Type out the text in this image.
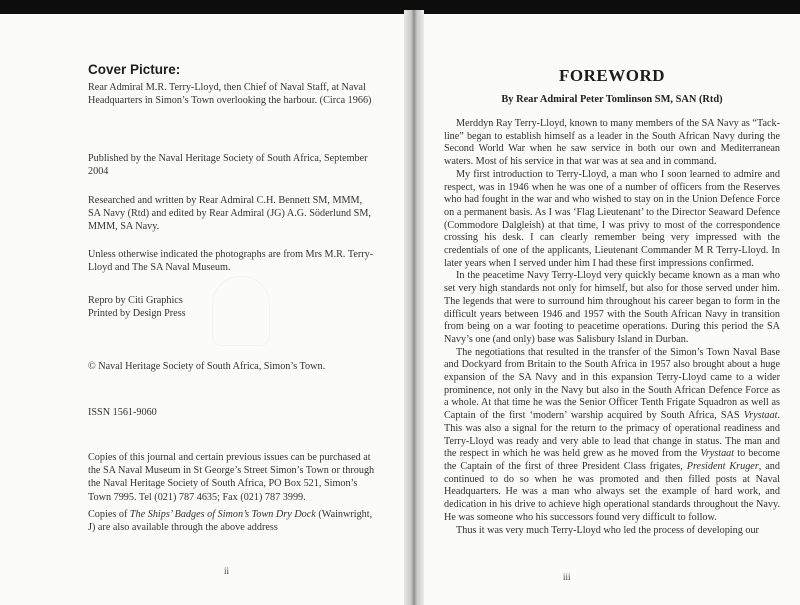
Cover Picture:

Rear Admiral M.R. Terry-Lloyd, then Chief of Naval Staff, at Naval Headquarters in Simon’s Town overlooking the harbour. (Circa 1966)

Published by the Naval Heritage Society of South Africa, September 2004

Researched and written by Rear Admiral C.H. Bennett SM, MMM, SA Navy (Rtd) and edited by Rear Admiral (JG) A.G. Söderlund SM, MMM, SA Navy.

Unless otherwise indicated the photographs are from Mrs M.R. Terry-Lloyd and The SA Naval Museum.

Repro by Citi Graphics

Printed by Design Press

© Naval Heritage Society of South Africa, Simon’s Town.

ISSN 1561-9060

Copies of this journal and certain previous issues can be purchased at the SA Naval Museum in St George’s Street Simon’s Town or through the Naval Heritage Society of South Africa, PO Box 521, Simon’s Town 7995. Tel (021) 787 4635; Fax (021) 787 3999.

Copies of The Ships’ Badges of Simon’s Town Dry Dock (Wainwright, J) are also available through the above address

ii
FOREWORD
By Rear Admiral Peter Tomlinson SM, SAN (Rtd)

Merddyn Ray Terry-Lloyd, known to many members of the SA Navy as “Tack-line” began to establish himself as a leader in the South African Navy during the Second World War when he saw service in both our own and Mediterranean waters. Most of his service in that war was at sea and in command.

My first introduction to Terry-Lloyd, a man who I soon learned to admire and respect, was in 1946 when he was one of a number of officers from the Reserves who had fought in the war and who wished to stay on in the Union Defence Force on a permanent basis. As I was ‘Flag Lieutenant’ to the Director Seaward Defence (Commodore Dalgleish) at that time, I was privy to most of the correspondence crossing his desk. I can clearly remember being very impressed with the credentials of one of the applicants, Lieutenant Commander M R Terry-Lloyd. In later years when I served under him I had these first impressions confirmed.

In the peacetime Navy Terry-Lloyd very quickly became known as a man who set very high standards not only for himself, but also for those served under him. The legends that were to surround him throughout his career began to form in the difficult years between 1946 and 1957 with the South African Navy in transition from being on a war footing to peacetime operations. During this period the SA Navy’s one (and only) base was Salisbury Island in Durban.

The negotiations that resulted in the transfer of the Simon’s Town Naval Base and Dockyard from Britain to the South Africa in 1957 also brought about a huge expansion of the SA Navy and in this expansion Terry-Lloyd came to a wider prominence, not only in the Navy but also in the South African Defence Force as a whole. At that time he was the Senior Officer Tenth Frigate Squadron as well as Captain of the first ‘modern’ warship acquired by South Africa, SAS Vrystaat. This was also a signal for the return to the primacy of operational readiness and Terry-Lloyd was ready and very able to lead that change in status. The man and the respect in which he was held grew as he moved from the Vrystaat to become the Captain of the first of three President Class frigates, President Kruger, and continued to do so when he was promoted and then filled posts at Naval Headquarters. He was a man who always set the example of hard work, and dedication in his drive to achieve high operational standards throughout the Navy. He was someone who his successors found very difficult to follow.

Thus it was very much Terry-Lloyd who led the process of developing our

iii
